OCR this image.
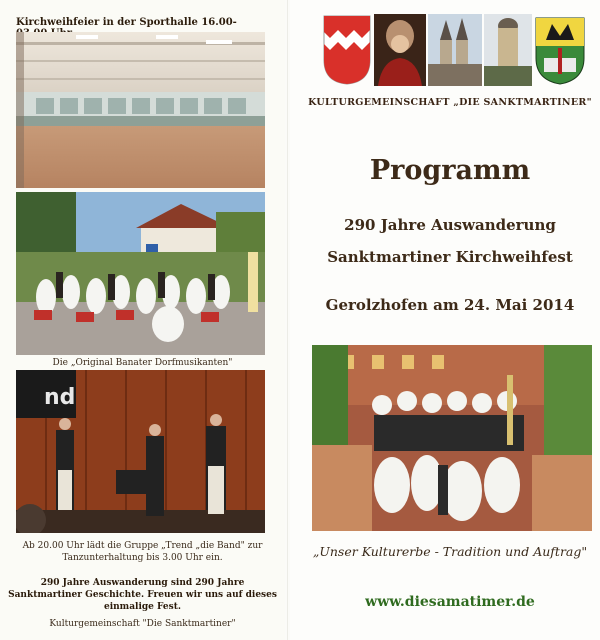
Kirchweihfeier in der Sporthalle 16.00-
Die „Original Banater Dorfmusikanten"
nd
Ab 20.00 Uhr lädt die Gruppe „Trend „die Band" zur
Tanzunterhaltung bis 3.00 Uhr ein.
290 Jahre Auswanderung sind 290 Jahre
Sanktmartiner Geschichte. Freuen wir uns auf dieses
einmalige Fest.
Kulturgemeinschaft "Die Sanktmartiner"
KULTURGEMEINSCHAFT „DIE SANKTMARTINER"
Programm
290 Jahre Auswanderung
Sanktmartiner Kirchweihfest
Gerolzhofen am 24. Mai 2014
„Unser Kulturerbe - Tradition und Auftrag"
www.diesamatimer.de
